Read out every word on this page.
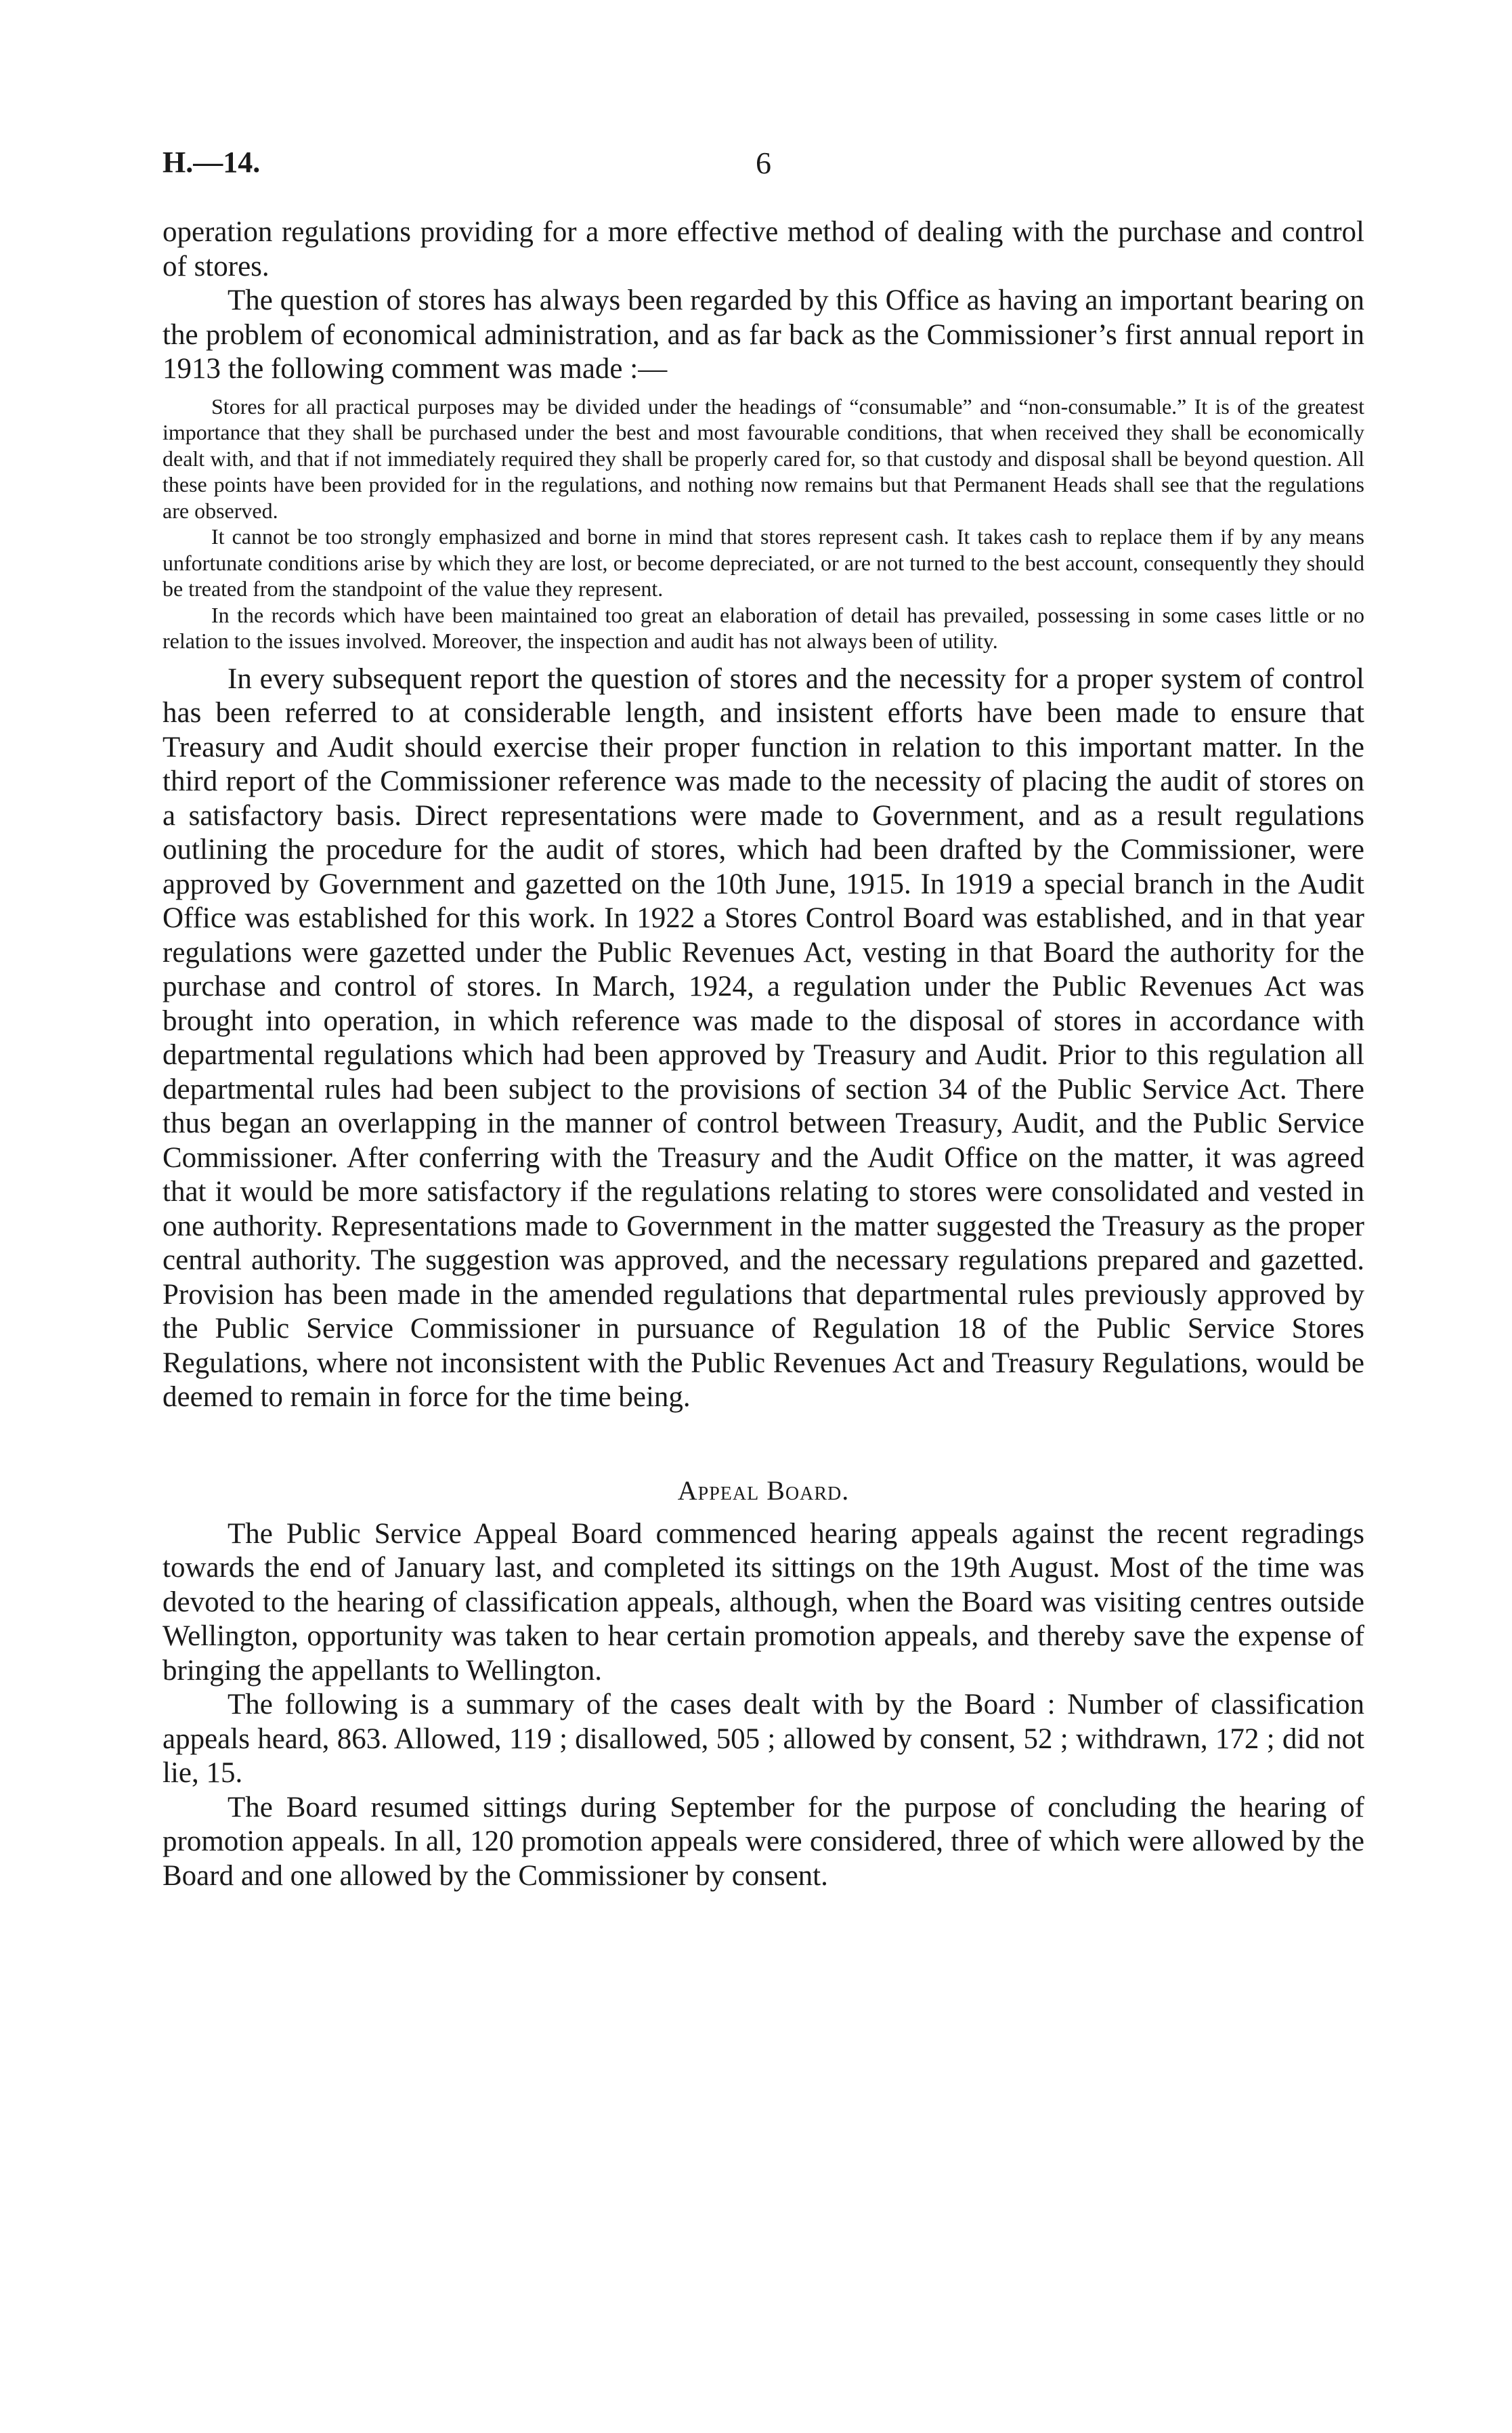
H.—14.	6

operation regulations providing for a more effective method of dealing with the purchase and control of stores.

The question of stores has always been regarded by this Office as having an important bearing on the problem of economical administration, and as far back as the Commissioner’s first annual report in 1913 the following comment was made :—

Stores for all practical purposes may be divided under the headings of “consumable” and “non-consumable.” It is of the greatest importance that they shall be purchased under the best and most favourable conditions, that when received they shall be economically dealt with, and that if not immediately required they shall be properly cared for, so that custody and disposal shall be beyond question. All these points have been provided for in the regulations, and nothing now remains but that Permanent Heads shall see that the regulations are observed.

It cannot be too strongly emphasized and borne in mind that stores represent cash. It takes cash to replace them if by any means unfortunate conditions arise by which they are lost, or become depreciated, or are not turned to the best account, consequently they should be treated from the standpoint of the value they represent.

In the records which have been maintained too great an elaboration of detail has prevailed, possessing in some cases little or no relation to the issues involved. Moreover, the inspection and audit has not always been of utility.

In every subsequent report the question of stores and the necessity for a proper system of control has been referred to at considerable length, and insistent efforts have been made to ensure that Treasury and Audit should exercise their proper function in relation to this important matter. In the third report of the Commissioner reference was made to the necessity of placing the audit of stores on a satisfactory basis. Direct representations were made to Government, and as a result regulations outlining the procedure for the audit of stores, which had been drafted by the Commissioner, were approved by Government and gazetted on the 10th June, 1915. In 1919 a special branch in the Audit Office was established for this work. In 1922 a Stores Control Board was established, and in that year regulations were gazetted under the Public Revenues Act, vesting in that Board the authority for the purchase and control of stores. In March, 1924, a regulation under the Public Revenues Act was brought into operation, in which reference was made to the disposal of stores in accordance with departmental regulations which had been approved by Treasury and Audit. Prior to this regulation all departmental rules had been subject to the provisions of section 34 of the Public Service Act. There thus began an overlapping in the manner of control between Treasury, Audit, and the Public Service Commissioner. After conferring with the Treasury and the Audit Office on the matter, it was agreed that it would be more satisfactory if the regulations relating to stores were consolidated and vested in one authority. Representations made to Government in the matter suggested the Treasury as the proper central authority. The suggestion was approved, and the necessary regulations prepared and gazetted. Provision has been made in the amended regulations that departmental rules previously approved by the Public Service Commissioner in pursuance of Regulation 18 of the Public Service Stores Regulations, where not inconsistent with the Public Revenues Act and Treasury Regulations, would be deemed to remain in force for the time being.

Appeal Board.

The Public Service Appeal Board commenced hearing appeals against the recent regradings towards the end of January last, and completed its sittings on the 19th August. Most of the time was devoted to the hearing of classification appeals, although, when the Board was visiting centres outside Wellington, opportunity was taken to hear certain promotion appeals, and thereby save the expense of bringing the appellants to Wellington.

The following is a summary of the cases dealt with by the Board : Number of classification appeals heard, 863. Allowed, 119 ; disallowed, 505 ; allowed by consent, 52 ; withdrawn, 172 ; did not lie, 15.

The Board resumed sittings during September for the purpose of concluding the hearing of promotion appeals. In all, 120 promotion appeals were considered, three of which were allowed by the Board and one allowed by the Commissioner by consent.
